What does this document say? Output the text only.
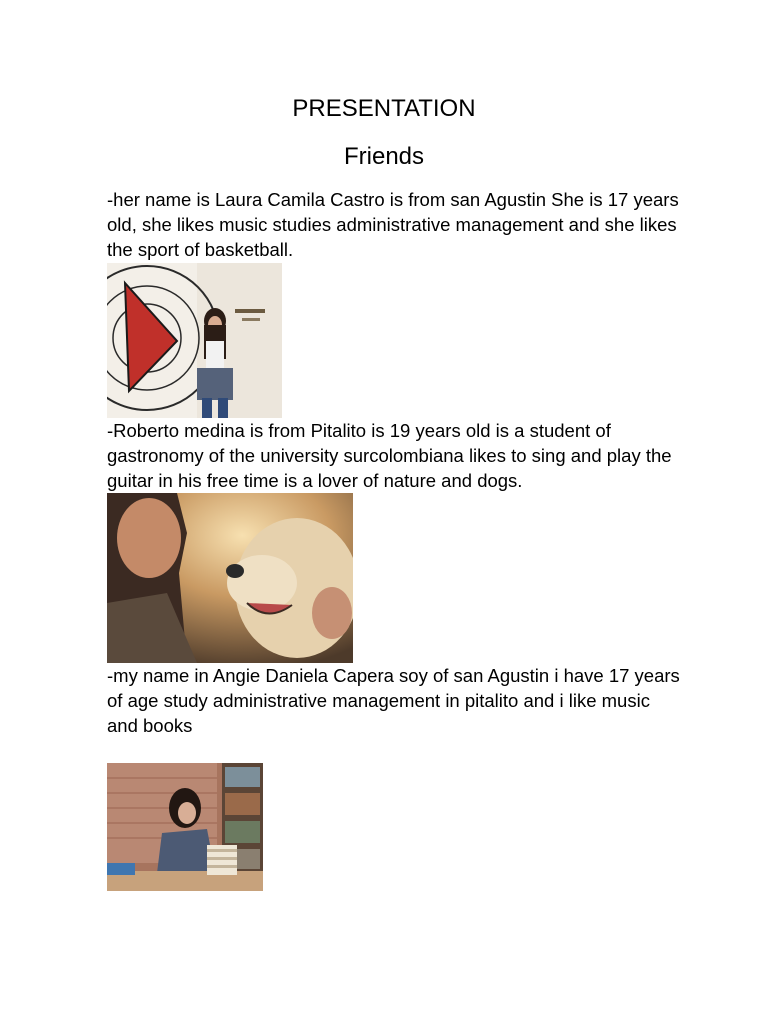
PRESENTATION
Friends
-her name is Laura Camila Castro is from san Agustin She is 17 years old, she likes music studies administrative management and she likes the sport of basketball.
-Roberto medina is from Pitalito is 19 years old is a student of gastronomy of the university surcolombiana likes to sing and play the guitar in his free time is a lover of nature and dogs.
-my name in Angie Daniela Capera soy of san Agustin i have 17 years of age study administrative management in pitalito and i like music and books
